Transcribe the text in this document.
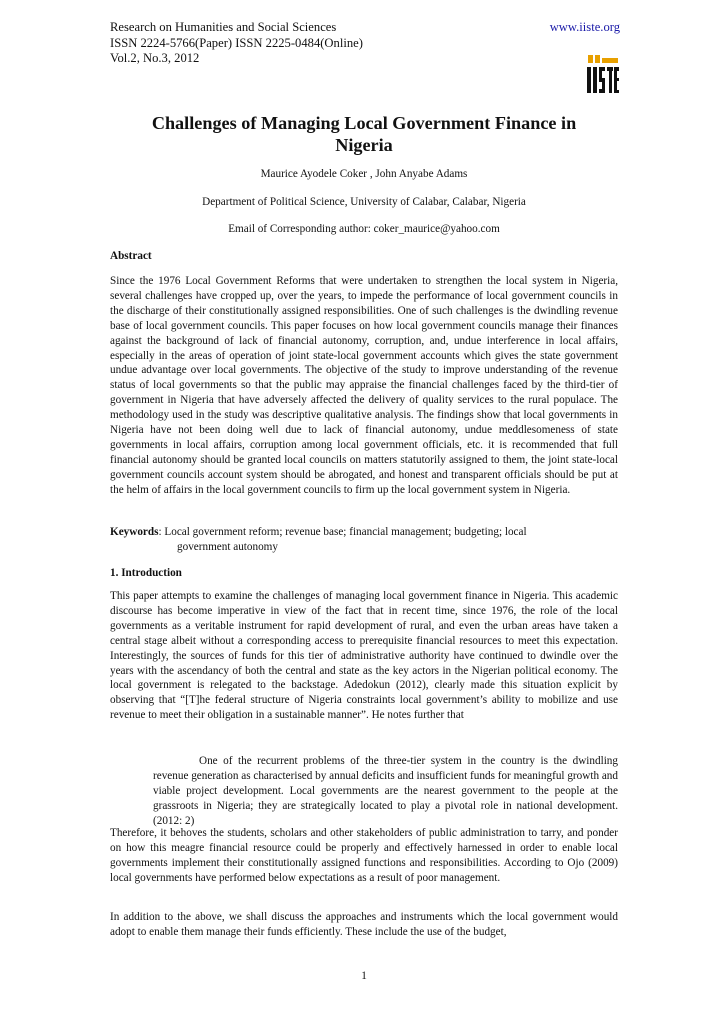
Research on Humanities and Social Sciences
ISSN 2224-5766(Paper) ISSN 2225-0484(Online)
Vol.2, No.3, 2012
www.iiste.org
Challenges of Managing Local Government Finance in
Nigeria
Maurice Ayodele Coker , John Anyabe Adams
Department of Political Science, University of Calabar, Calabar, Nigeria
Email of Corresponding author: coker_maurice@yahoo.com
Abstract

Since the 1976 Local Government Reforms that were undertaken to strengthen the local system in Nigeria, several challenges have cropped up, over the years, to impede the performance of local government councils in the discharge of their constitutionally assigned responsibilities. One of such challenges is the dwindling revenue base of local government councils. This paper focuses on how local government councils manage their finances against the background of lack of financial autonomy, corruption, and, undue interference in local affairs, especially in the areas of operation of joint state-local government accounts which gives the state government undue advantage over local governments. The objective of the study to improve understanding of the revenue status of local governments so that the public may appraise the financial challenges faced by the third-tier of government in Nigeria that have adversely affected the delivery of quality services to the rural populace. The methodology used in the study was descriptive qualitative analysis. The findings show that local governments in Nigeria have not been doing well due to lack of financial autonomy, undue meddlesomeness of state governments in local affairs, corruption among local government officials, etc. it is recommended that full financial autonomy should be granted local councils on matters statutorily assigned to them, the joint state-local government councils account system should be abrogated, and honest and transparent officials should be put at the helm of affairs in the local government councils to firm up the local government system in Nigeria.

Keywords: Local government reform; revenue base; financial management; budgeting; local
government autonomy
1. Introduction

This paper attempts to examine the challenges of managing local government finance in Nigeria. This academic discourse has become imperative in view of the fact that in recent time, since 1976, the role of the local governments as a veritable instrument for rapid development of rural, and even the urban areas have taken a central stage albeit without a corresponding access to prerequisite financial resources to meet this expectation. Interestingly, the sources of funds for this tier of administrative authority have continued to dwindle over the years with the ascendancy of both the central and state as the key actors in the Nigerian political economy. The local government is relegated to the backstage. Adedokun (2012), clearly made this situation explicit by observing that “[T]he federal structure of Nigeria constraints local government’s ability to mobilize and use revenue to meet their obligation in a sustainable manner”. He notes further that

One of the recurrent problems of the three-tier system in the country is the dwindling revenue generation as characterised by annual deficits and insufficient funds for meaningful growth and viable project development. Local governments are the nearest government to the people at the grassroots in Nigeria; they are strategically located to play a pivotal role in national development. (2012: 2)

Therefore, it behoves the students, scholars and other stakeholders of public administration to tarry, and ponder on how this meagre financial resource could be properly and effectively harnessed in order to enable local governments implement their constitutionally assigned functions and responsibilities. According to Ojo (2009) local governments have performed below expectations as a result of poor management.

In addition to the above, we shall discuss the approaches and instruments which the local government would adopt to enable them manage their funds efficiently. These include the use of the budget,

1
